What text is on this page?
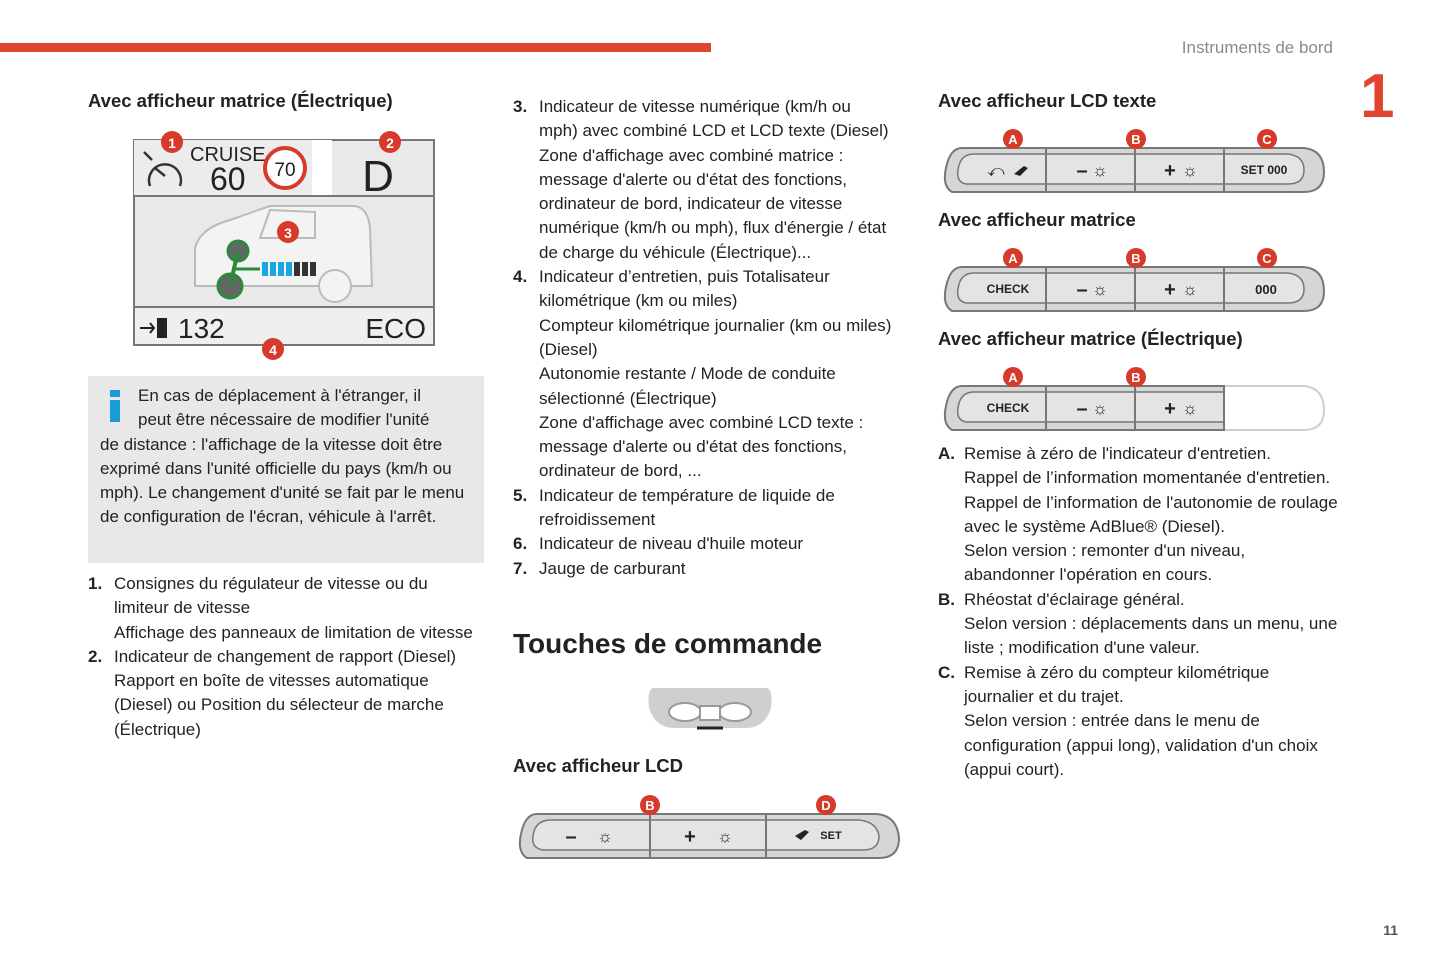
Instruments de bord
1
11
Avec afficheur matrice (Électrique)
CRUISE
60 70 D
132	ECO
1	2
3
4
En cas de déplacement à l'étranger, il
peut être nécessaire de modifier l'unité
de distance : l'affichage de la vitesse doit être exprimé dans l'unité officielle du pays (km/h ou mph). Le changement d'unité se fait par le menu de configuration de l'écran, véhicule à l'arrêt.
1. Consignes du régulateur de vitesse ou du limiteur de vitesse
Affichage des panneaux de limitation de vitesse
2. Indicateur de changement de rapport (Diesel)
Rapport en boîte de vitesses automatique (Diesel) ou Position du sélecteur de marche (Électrique)
3. Indicateur de vitesse numérique (km/h ou mph) avec combiné LCD et LCD texte (Diesel)
Zone d'affichage avec combiné matrice : message d'alerte ou d'état des fonctions, ordinateur de bord, indicateur de vitesse numérique (km/h ou mph), flux d'énergie / état de charge du véhicule (Électrique)...
4. Indicateur d’entretien, puis Totalisateur kilométrique (km ou miles)
Compteur kilométrique journalier (km ou miles) (Diesel)
Autonomie restante / Mode de conduite sélectionné (Électrique)
Zone d'affichage avec combiné LCD texte : message d'alerte ou d'état des fonctions, ordinateur de bord, ...
5. Indicateur de température de liquide de refroidissement
6. Indicateur de niveau d'huile moteur
7. Jauge de carburant
Touches de commande
Avec afficheur LCD
– ☼	+ ☼	SET
B	D
Avec afficheur LCD texte
⤺	– ☼	+ ☼	SET 000
A	B	C
Avec afficheur matrice
CHECK – ☼	+ ☼	000
A	B	C
Avec afficheur matrice (Électrique)
CHECK – ☼	+ ☼
A	B
A. Remise à zéro de l'indicateur d'entretien.
Rappel de l’information momentanée d'entretien.
Rappel de l’information de l'autonomie de roulage avec le système AdBlue® (Diesel).
Selon version : remonter d'un niveau, abandonner l'opération en cours.
B. Rhéostat d'éclairage général.
Selon version : déplacements dans un menu, une liste ; modification d'une valeur.
C. Remise à zéro du compteur kilométrique journalier et du trajet.
Selon version : entrée dans le menu de configuration (appui long), validation d'un choix (appui court).
